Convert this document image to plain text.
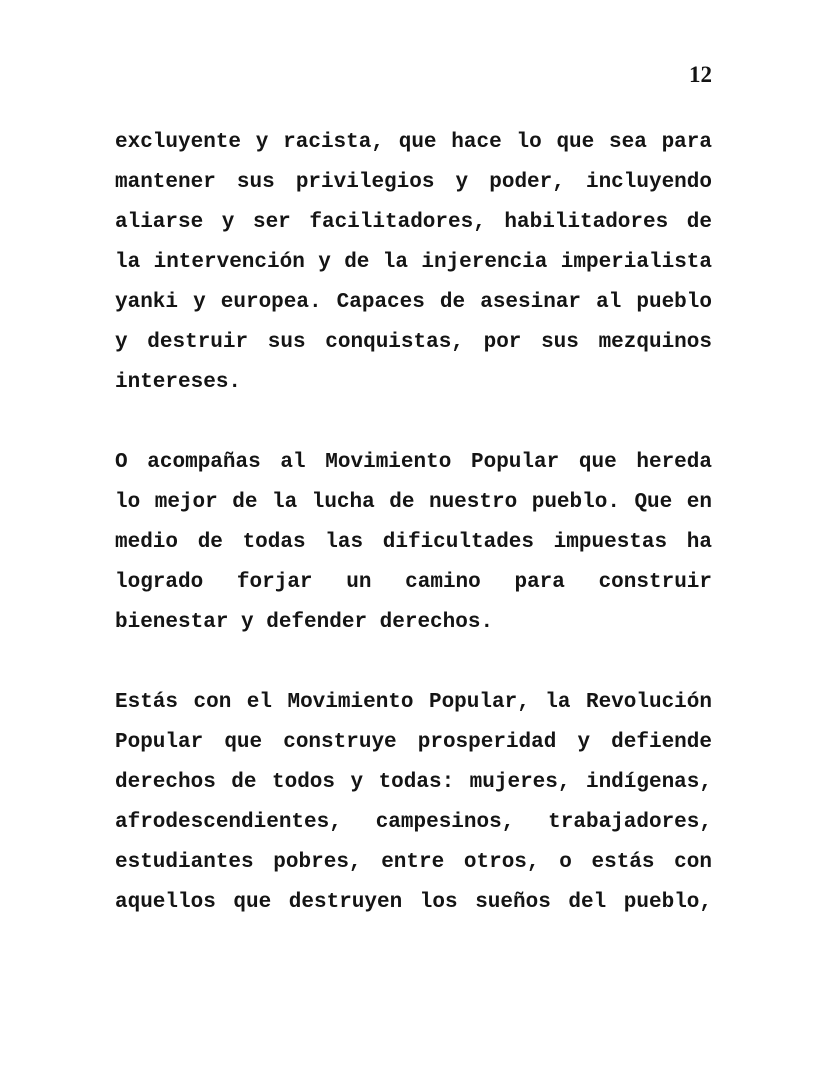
12
excluyente y racista, que hace lo que sea para
mantener sus privilegios y poder, incluyendo
aliarse y ser facilitadores, habilitadores de
la intervención y de la injerencia imperialista
yanki y europea. Capaces de asesinar al pueblo
y destruir sus conquistas, por sus mezquinos
intereses.
O acompañas al Movimiento Popular que hereda
lo mejor de la lucha de nuestro pueblo. Que en
medio de todas las dificultades impuestas ha
logrado forjar un camino para construir
bienestar y defender derechos.
Estás con el Movimiento Popular, la Revolución
Popular que construye prosperidad y defiende
derechos de todos y todas: mujeres, indígenas,
afrodescendientes, campesinos, trabajadores,
estudiantes pobres, entre otros, o estás con
aquellos que destruyen los sueños del pueblo,
